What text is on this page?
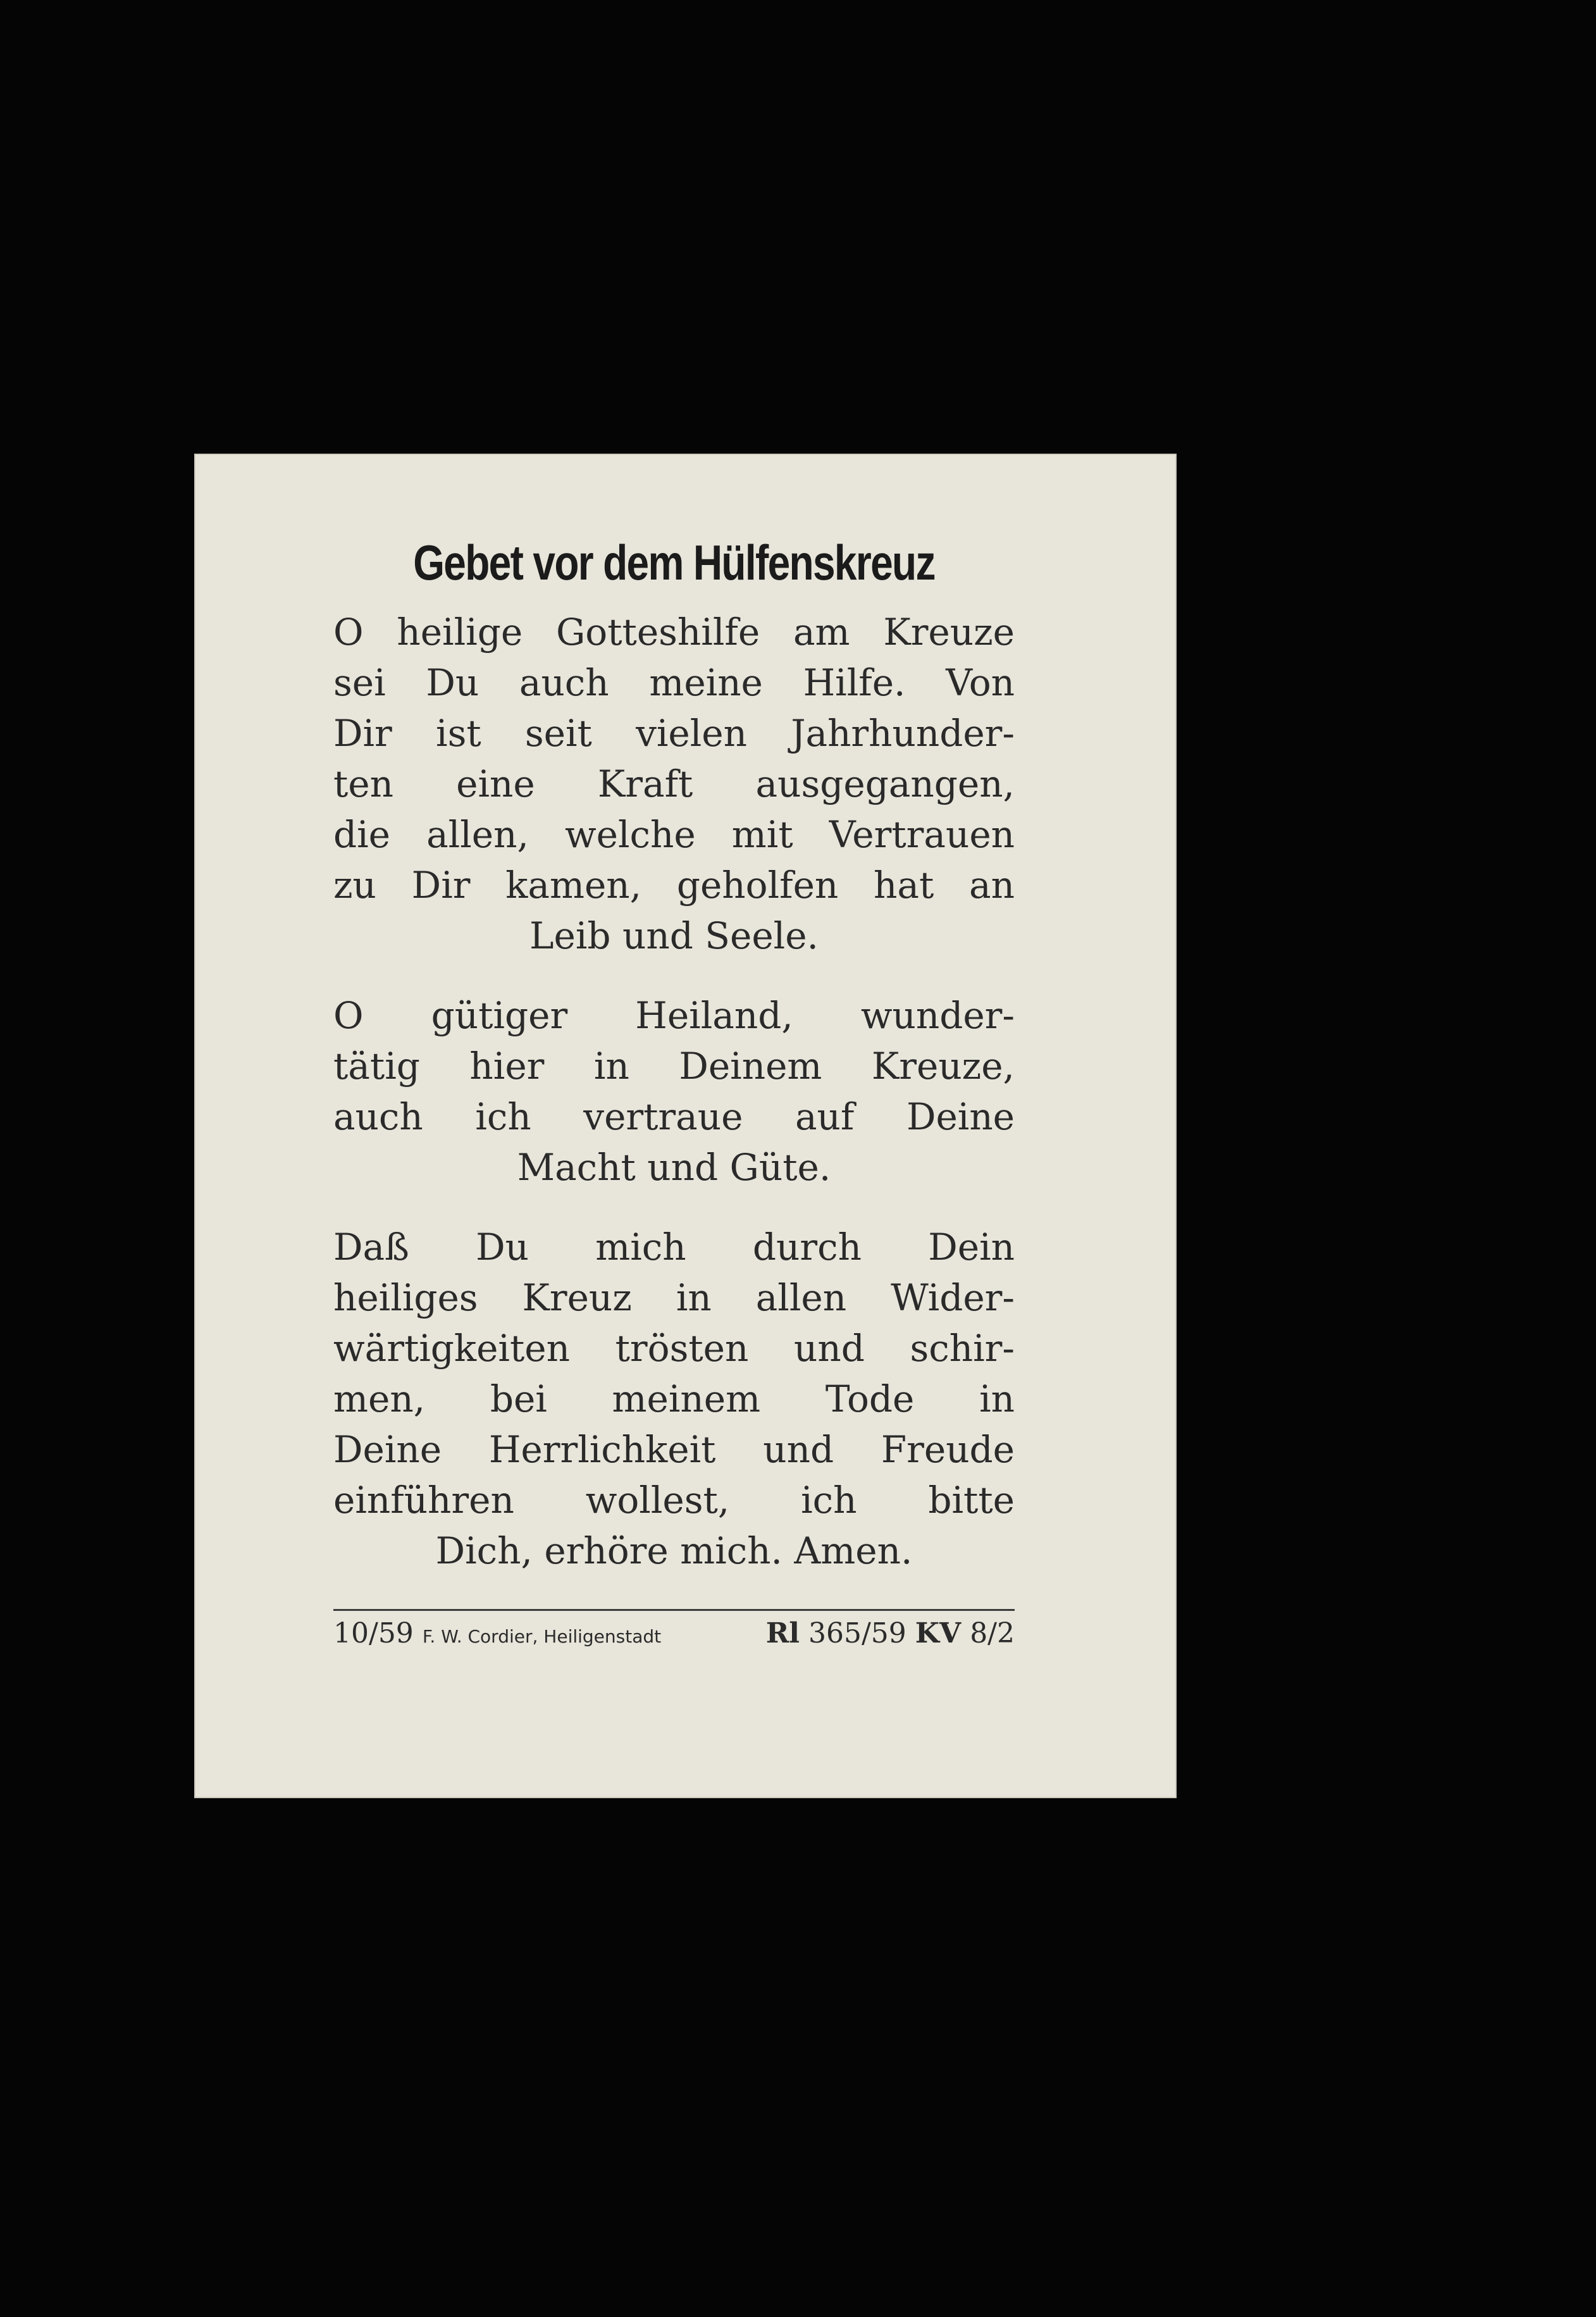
Gebet vor dem Hülfenskreuz
O heilige Gotteshilfe am Kreuze
sei Du auch meine Hilfe. Von
Dir ist seit vielen Jahrhunder-
ten eine Kraft ausgegangen,
die allen, welche mit Vertrauen
zu Dir kamen, geholfen hat an
Leib und Seele.
O gütiger Heiland, wunder-
tätig hier in Deinem Kreuze,
auch ich vertraue auf Deine
Macht und Güte.
Daß Du mich durch Dein
heiliges Kreuz in allen Wider-
wärtigkeiten trösten und schir-
men, bei meinem Tode in
Deine Herrlichkeit und Freude
einführen wollest, ich bitte
Dich, erhöre mich. Amen.
10/59 F. W. Cordier, Heiligenstadt	Rl 365/59 KV 8/2
